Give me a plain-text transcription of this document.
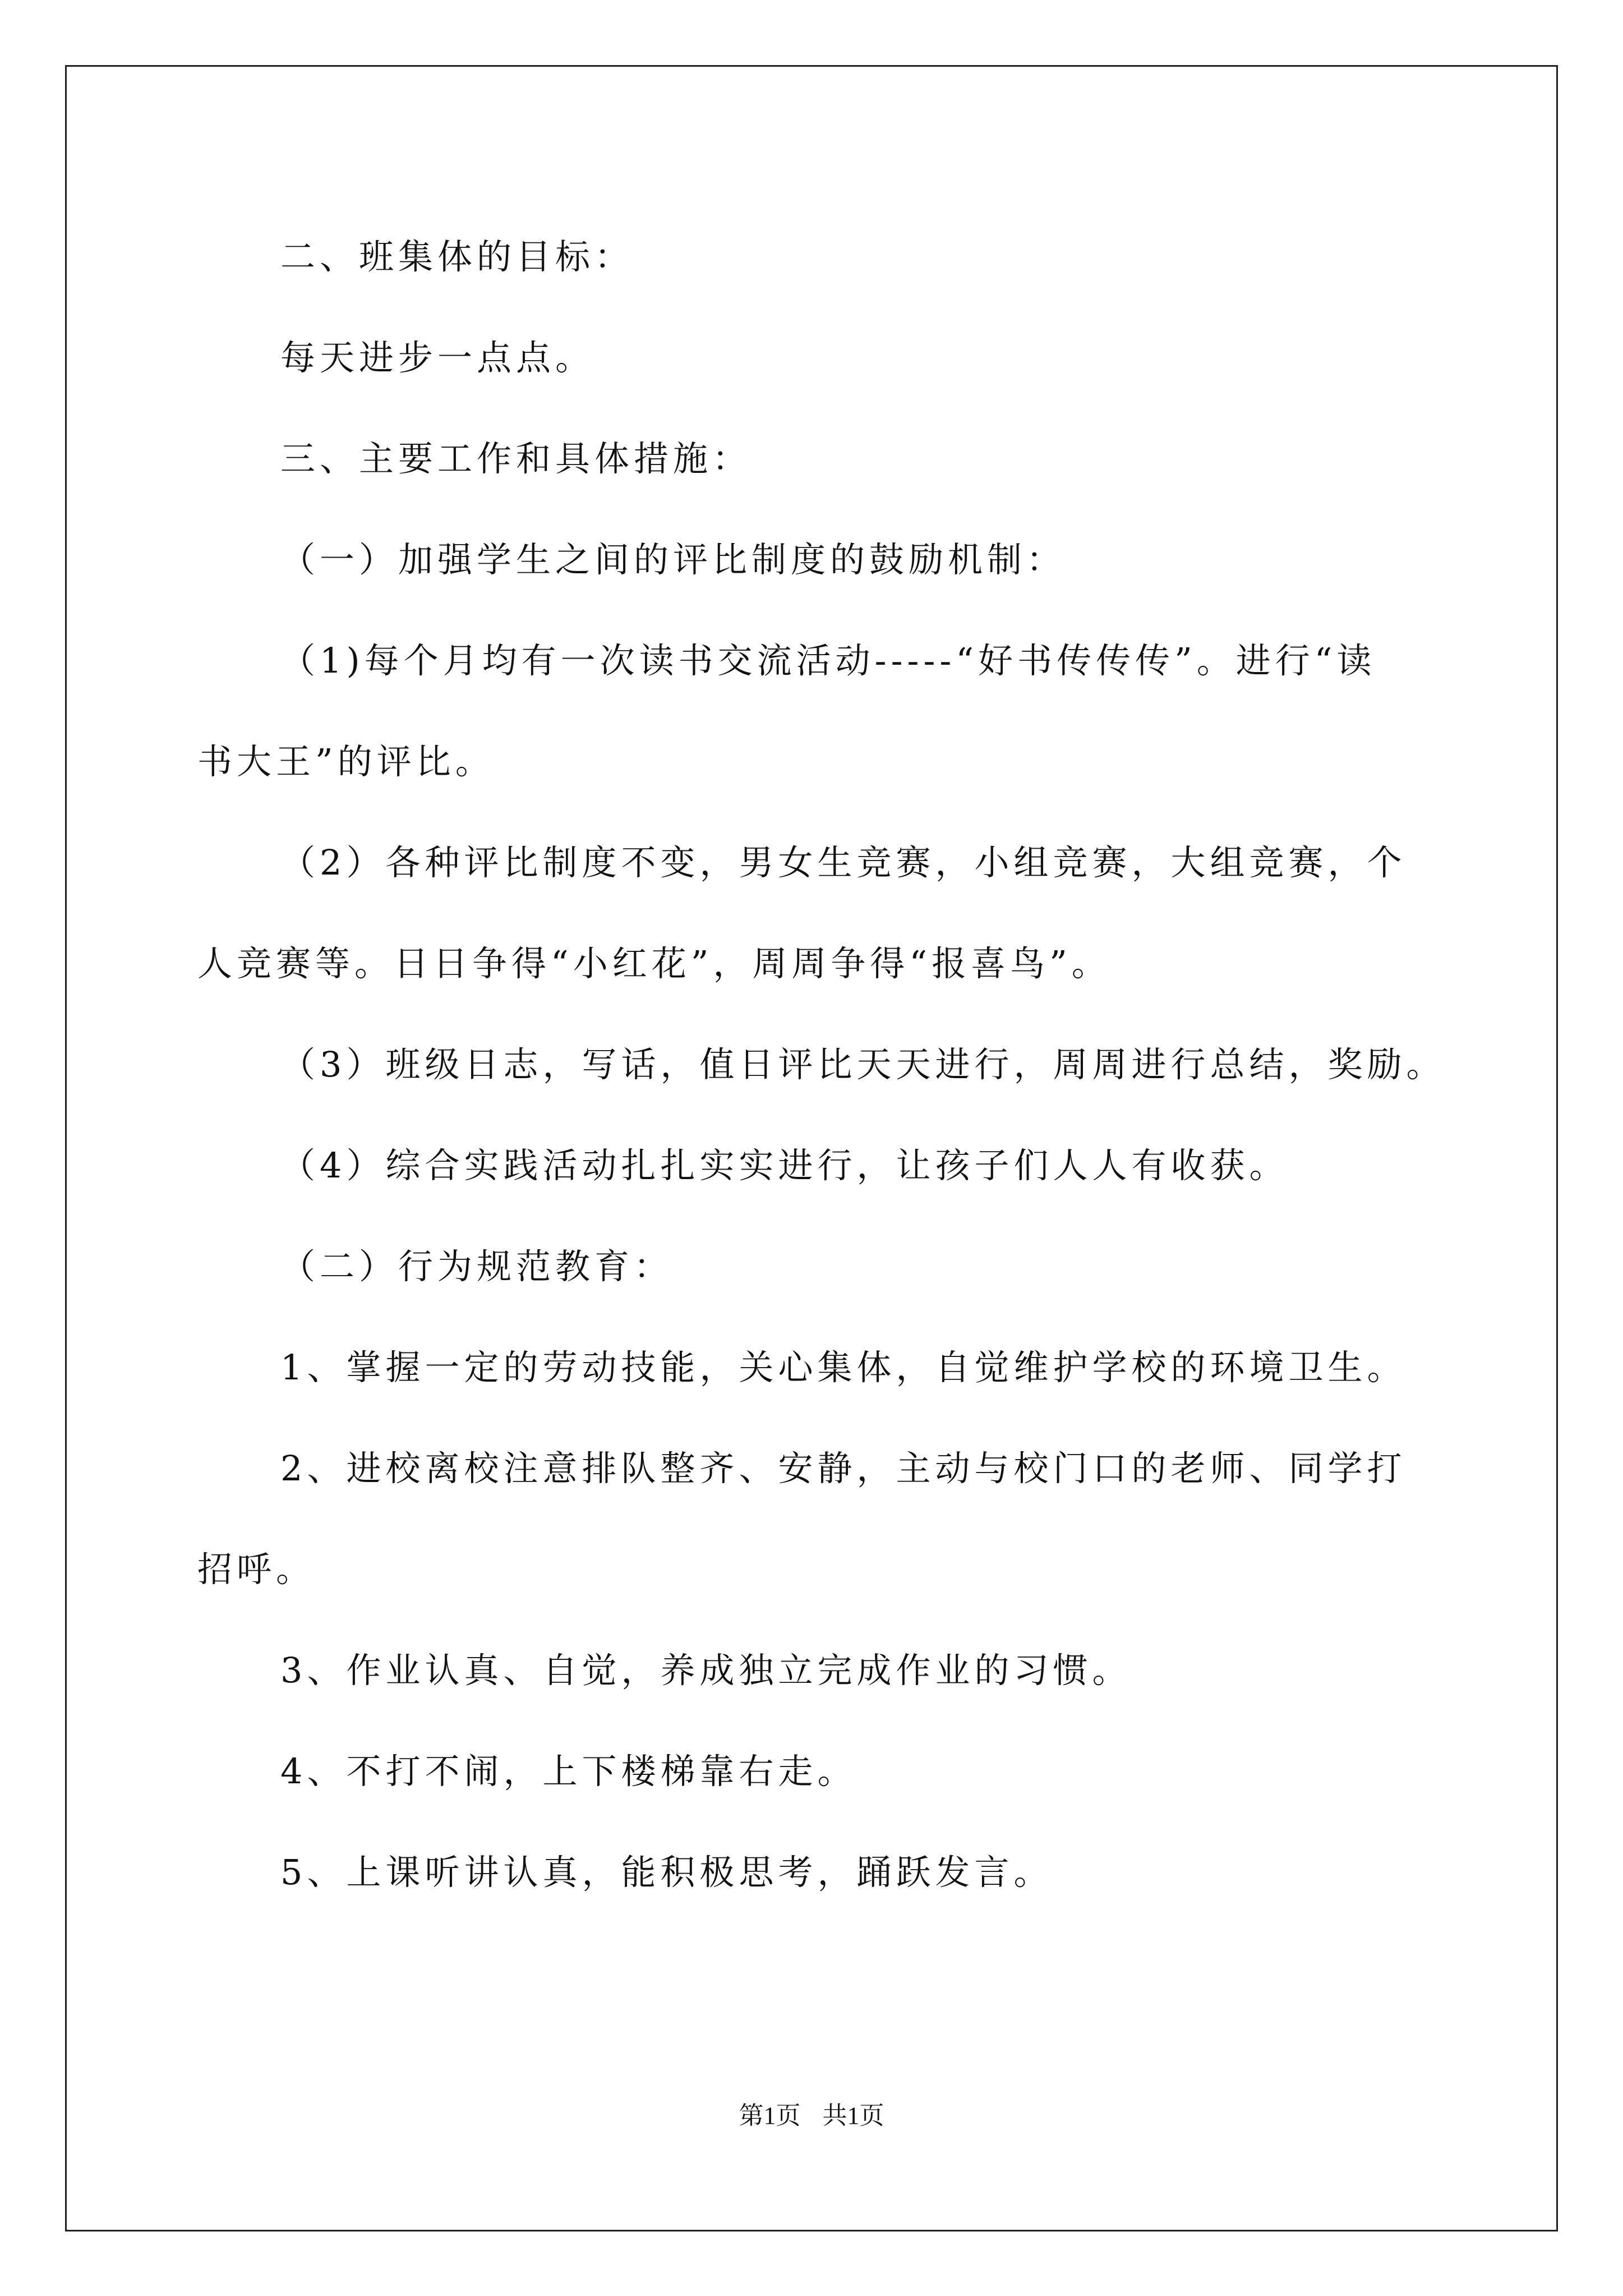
二、班集体的目标：
每天进步一点点。
三、主要工作和具体措施：
（一）加强学生之间的评比制度的鼓励机制：
（1)每个月均有一次读书交流活动-----“好书传传传”。进行“读
书大王”的评比。
（2）各种评比制度不变，男女生竞赛，小组竞赛，大组竞赛，个
人竞赛等。日日争得“小红花”，周周争得“报喜鸟”。
（3）班级日志，写话，值日评比天天进行，周周进行总结，奖励。
（4）综合实践活动扎扎实实进行，让孩子们人人有收获。
（二）行为规范教育：
1、掌握一定的劳动技能，关心集体，自觉维护学校的环境卫生。
2、进校离校注意排队整齐、安静，主动与校门口的老师、同学打
招呼。
3、作业认真、自觉，养成独立完成作业的习惯。
4、不打不闹，上下楼梯靠右走。
5、上课听讲认真，能积极思考，踊跃发言。
第1页 共1页
